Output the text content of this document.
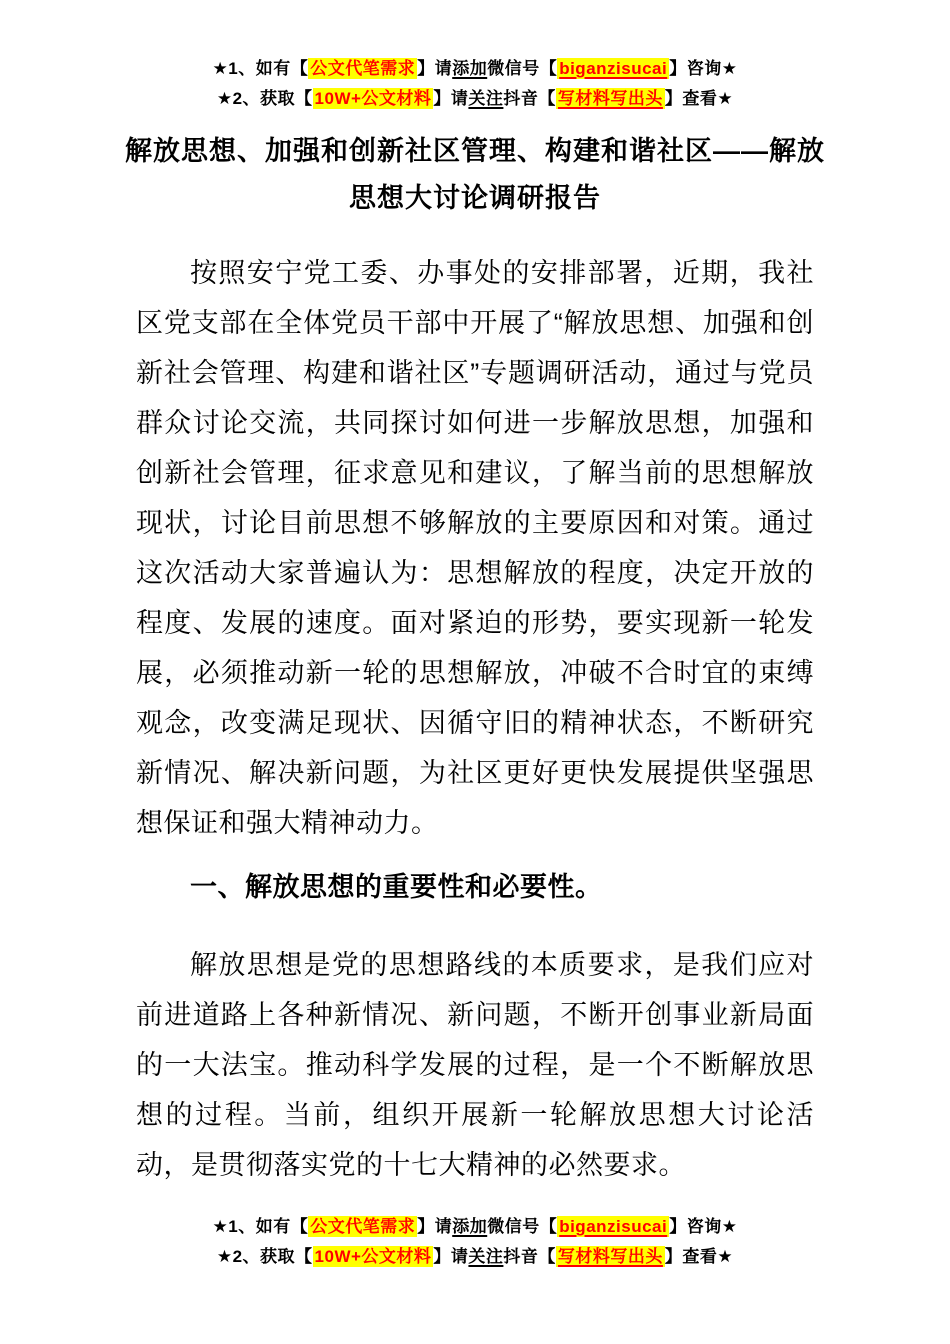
★1、如有【 公文代笔需求 】请添加微信号【 biganzisucai 】咨询★
★2、获取【 10W+公文材料 】请关注抖音【 写材料写出头 】查看★
解放思想、加强和创新社区管理、构建和谐社区——解放
思想大讨论调研报告

按照安宁党工委、办事处的安排部署，近期，我社区党支部在全体党员干部中开展了“解放思想、加强和创新社会管理、构建和谐社区”专题调研活动，通过与党员群众讨论交流，共同探讨如何进一步解放思想，加强和创新社会管理，征求意见和建议，了解当前的思想解放现状，讨论目前思想不够解放的主要原因和对策。通过这次活动大家普遍认为：思想解放的程度，决定开放的程度、发展的速度。面对紧迫的形势，要实现新一轮发展，必须推动新一轮的思想解放，冲破不合时宜的束缚观念，改变满足现状、因循守旧的精神状态，不断研究新情况、解决新问题，为社区更好更快发展提供坚强思想保证和强大精神动力。

一、解放思想的重要性和必要性。

解放思想是党的思想路线的本质要求，是我们应对前进道路上各种新情况、新问题，不断开创事业新局面的一大法宝。推动科学发展的过程，是一个不断解放思想的过程。当前，组织开展新一轮解放思想大讨论活动，是贯彻落实党的十七大精神的必然要求。

★1、如有【 公文代笔需求 】请添加微信号【 biganzisucai 】咨询★
★2、获取【 10W+公文材料 】请关注抖音【 写材料写出头 】查看★
